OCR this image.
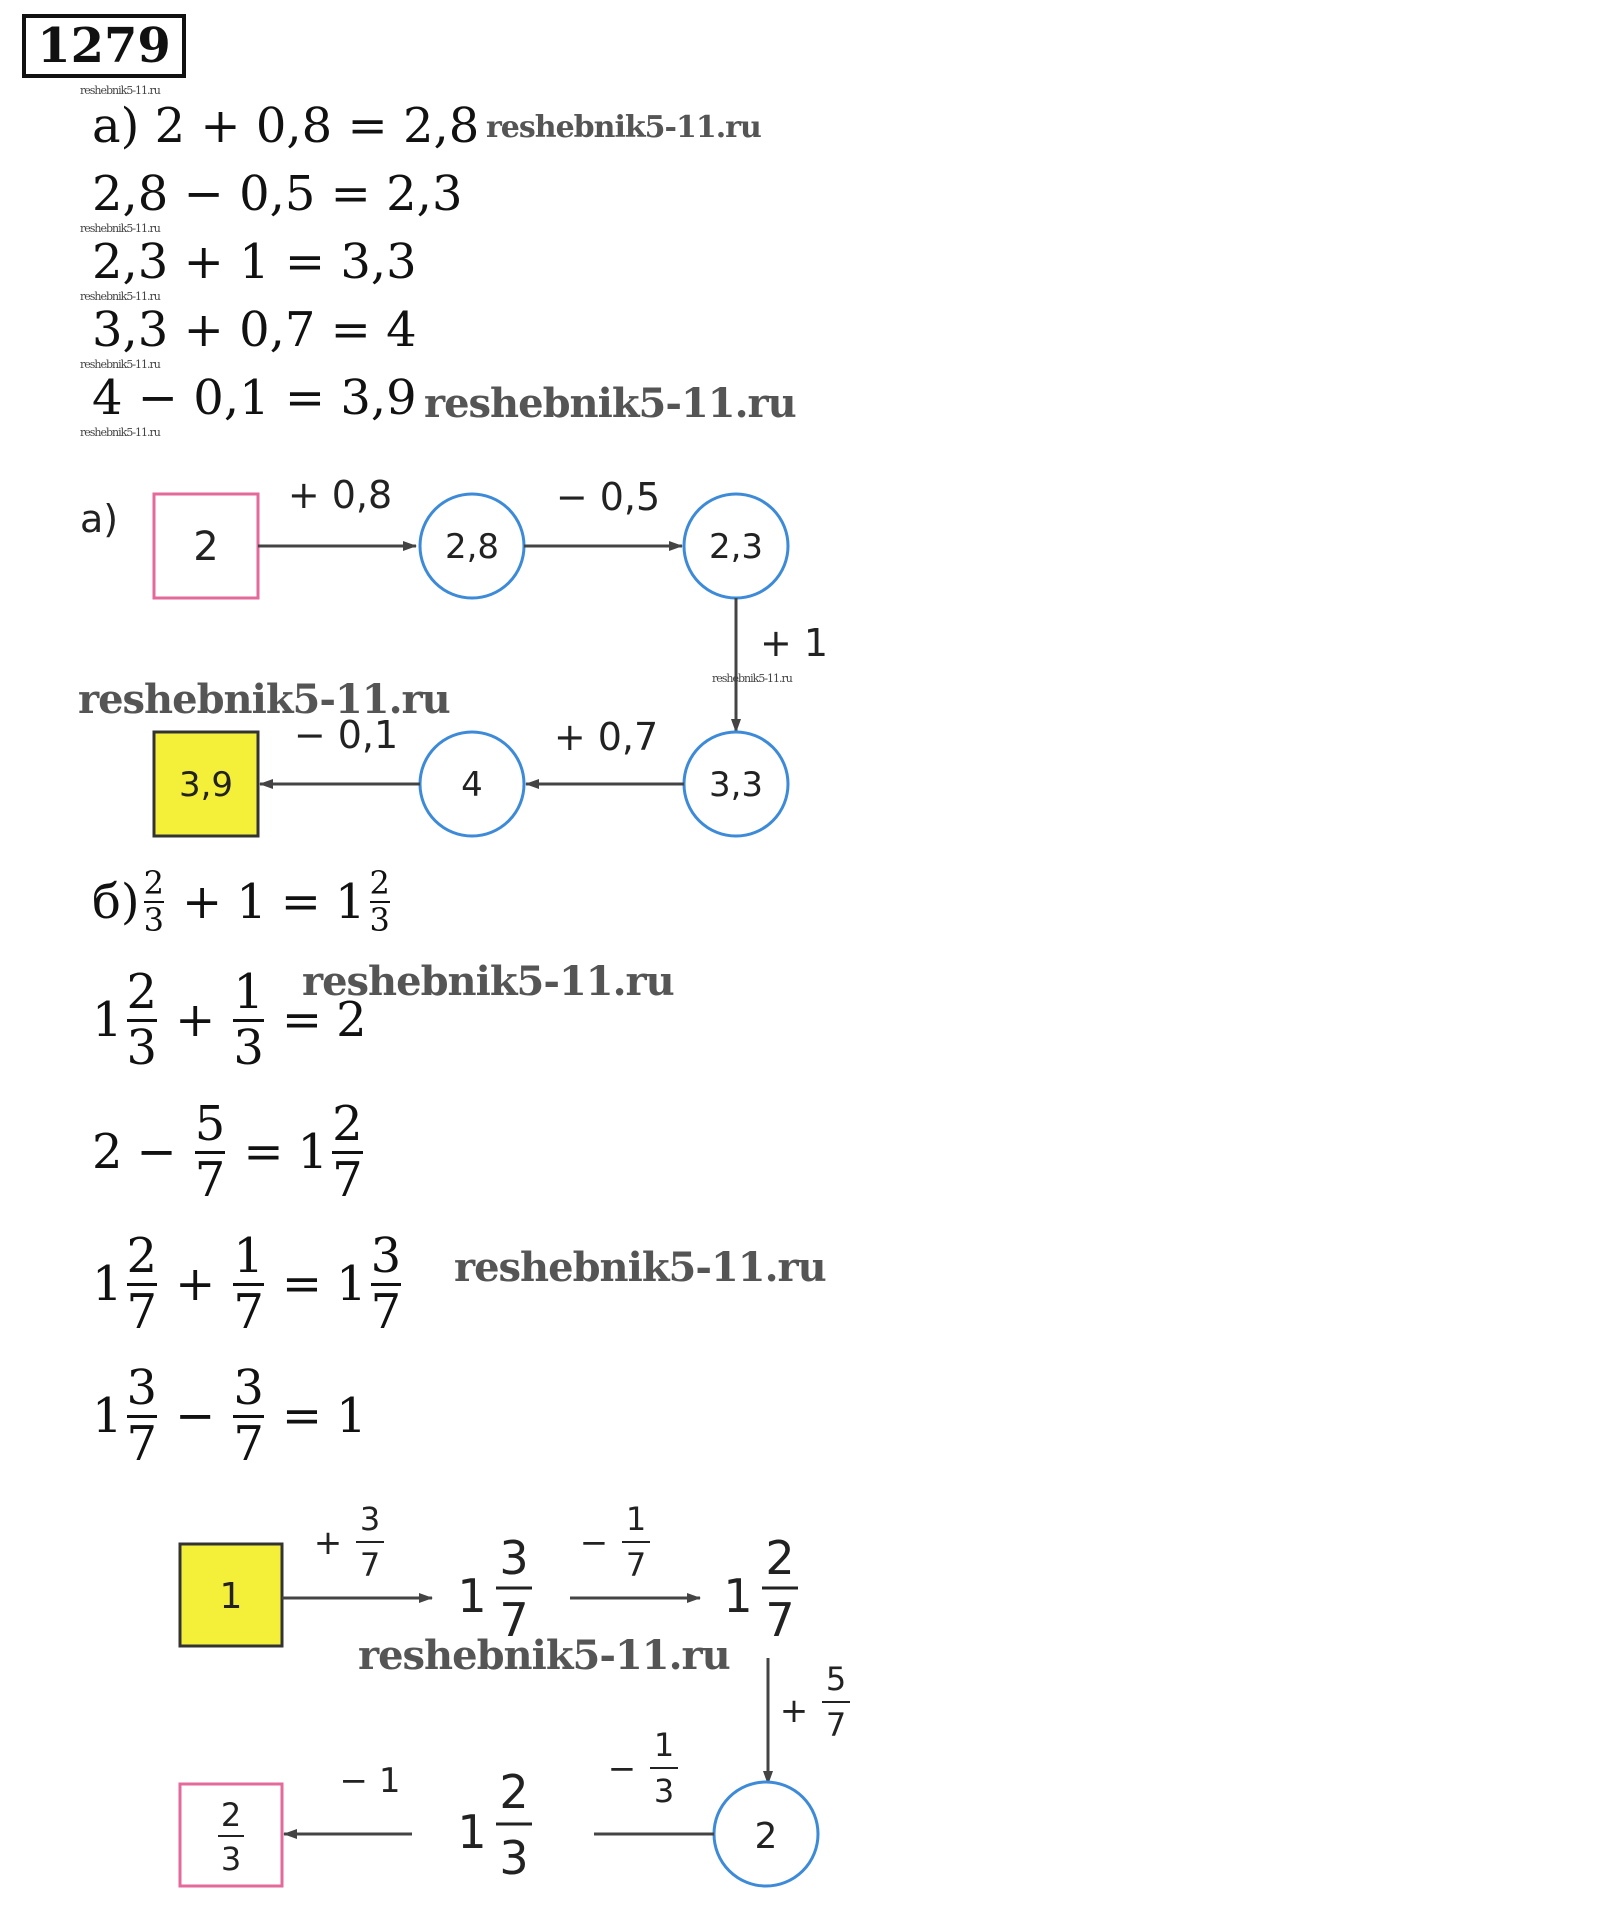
1279
reshebnik5-11.ru
а) 2 + 0,8 = 2,8 reshebnik5-11.ru
2,8 − 0,5 = 2,3
reshebnik5-11.ru
2,3 + 1 = 3,3
reshebnik5-11.ru
3,3 + 0,7 = 4
reshebnik5-11.ru
4 − 0,1 = 3,9 reshebnik5-11.ru
reshebnik5-11.ru
а)
2
+ 0,8
2,8
− 0,5
2,3
+ 1
3,3
+ 0,7
4
− 0,1
3,9
reshebnik5-11.ru	reshebnik5-11.ru
$б) \frac{2}{3} + 1 = 1 \frac{2}{3}$
reshebnik5-11.ru
$1 \frac{2}{3} + \frac{1}{3} = 2$
$2 - \frac{5}{7} = 1 \frac{2}{7}$
$1 \frac{2}{7} + \frac{1}{7} = 1 \frac{3}{7}$ reshebnik5-11.ru
$1 \frac{3}{7} - \frac{3}{7} = 1$
1
+
3
7
1
3
7
−
1
7
1
2
7
+
5
7
2
−
1
3
1
2
3
− 1
2
3
reshebnik5-11.ru
